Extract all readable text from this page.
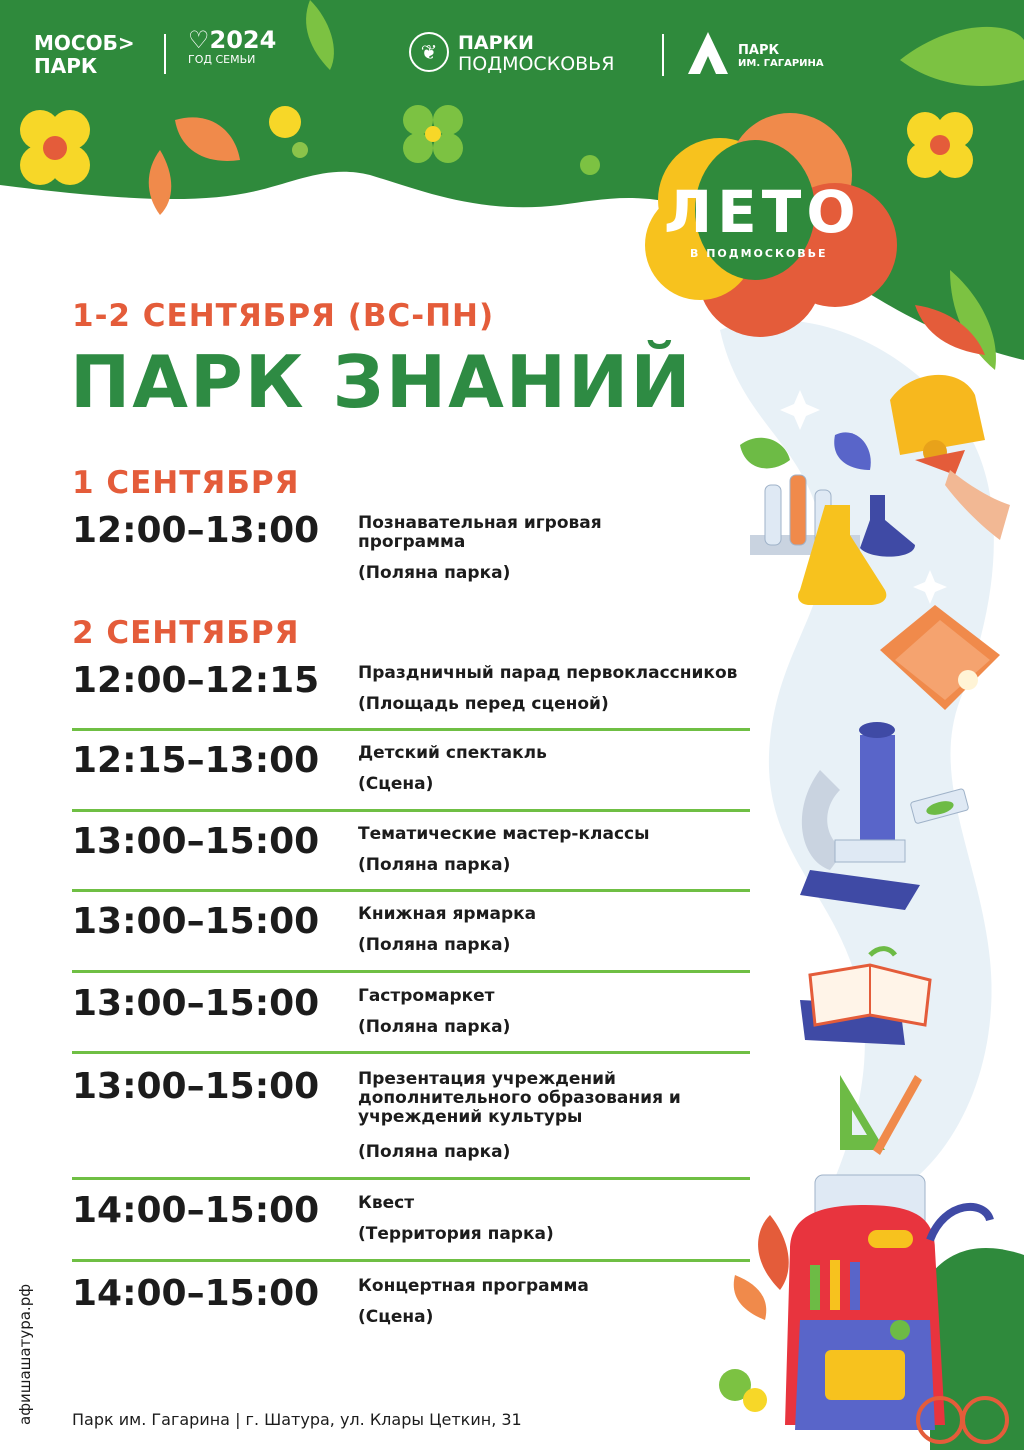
МОСОБ>
ПАРК
♡2024
ГОД СЕМЬИ	❦	ПАРКИ
ПОДМОСКОВЬЯ
ПАРК
ИМ. ГАГАРИНА
ЛЕТО
В ПОДМОСКОВЬЕ
1-2 СЕНТЯБРЯ (ВС-ПН)
ПАРК ЗНАНИЙ
1 СЕНТЯБРЯ
12:00–13:00 Познавательная игровая программа
(Поляна парка)
2 СЕНТЯБРЯ
12:00–12:15 Праздничный парад первоклассников
(Площадь перед сценой)
12:15–13:00 Детский спектакль
(Сцена)
13:00–15:00 Тематические мастер-классы
(Поляна парка)
13:00–15:00 Книжная ярмарка
(Поляна парка)
13:00–15:00 Гастромаркет
(Поляна парка)
13:00–15:00 Презентация учреждений дополнительного образования и учреждений культуры
(Поляна парка)
14:00–15:00 Квест
(Территория парка)
14:00–15:00 Концертная программа
(Сцена)
Парк им. Гагарина | г. Шатура, ул. Клары Цеткин, 31
афишашатура.рф
